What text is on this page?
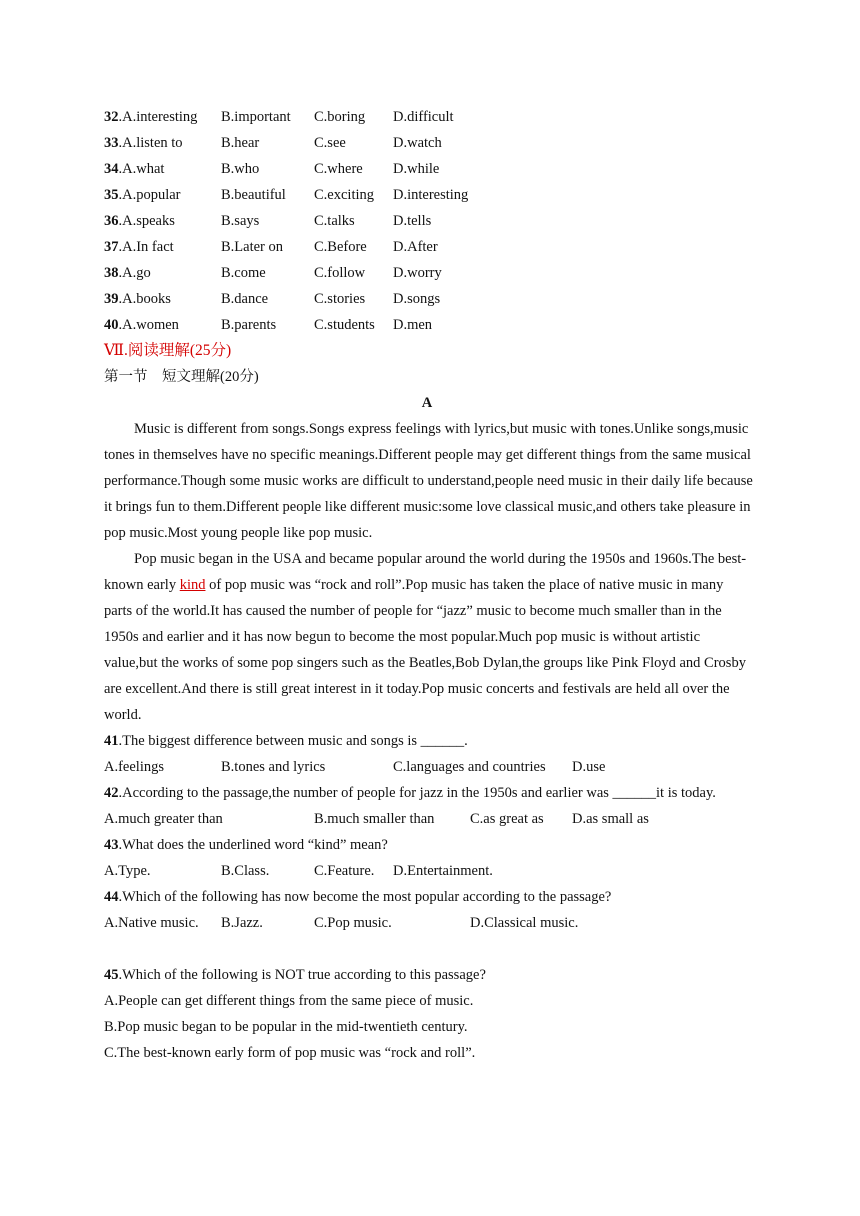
32.A.interesting B.important C.boring D.difficult
33.A.listen to	B.hear	C.see	D.watch
34.A.what	B.who	C.where D.while
35.A.popular	B.beautiful C.exciting D.interesting
36.A.speaks	B.says	C.talks	D.tells
37.A.In fact	B.Later on C.Before D.After
38.A.go	B.come	C.follow D.worry
39.A.books	B.dance	C.stories D.songs
40.A.women	B.parents	C.students D.men
Ⅶ.阅读理解(25分)
第一节　短文理解(20分)
A

Music is different from songs.Songs express feelings with lyrics,but music with tones.Unlike songs,music tones in themselves have no specific meanings.Different people may get different things from the same musical performance.Though some music works are difficult to understand,people need music in their daily life because it brings fun to them.Different people like different music:some love classical music,and others take pleasure in pop music.Most young people like pop music.

Pop music began in the USA and became popular around the world during the 1950s and 1960s.The best-known early kind of pop music was “rock and roll”.Pop music has taken the place of native music in many parts of the world.It has caused the number of people for “jazz” music to become much smaller than in the 1950s and earlier and it has now begun to become the most popular.Much pop music is without artistic value,but the works of some pop singers such as the Beatles,Bob Dylan,the groups like Pink Floyd and Crosby are excellent.And there is still great interest in it today.Pop music concerts and festivals are held all over the world.

41.The biggest difference between music and songs is ______.

A.feelings	B.tones and lyrics	C.languages and countries D.use

42.According to the passage,the number of people for jazz in the 1950s and earlier was ______it is today.

A.much greater than	B.much smaller than C.as great as D.as small as

43.What does the underlined word “kind” mean?

A.Type.	B.Class.	C.Feature. D.Entertainment.

44.Which of the following has now become the most popular according to the passage?

A.Native music. B.Jazz.	C.Pop music.	D.Classical music.

45.Which of the following is NOT true according to this passage?

A.People can get different things from the same piece of music.
B.Pop music began to be popular in the mid-twentieth century.
C.The best-known early form of pop music was “rock and roll”.
